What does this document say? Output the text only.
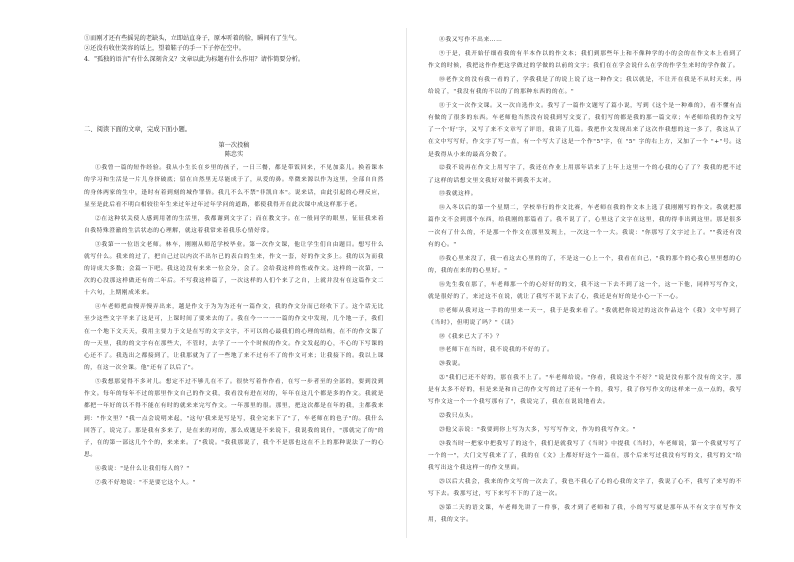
①而刚才还有些摇晃的老缺头，立即站直身子，原本听着的脸，瞬间有了生气。

②还没有收住笑容的话上，望着鞋子的手一下子停在空中。

4．"孤独的语言"有什么深刻含义？文章以此为标题有什么作用？请作简要分析。

二、阅读下面的文章，完成下面小题。

第一次投稿

陈忠实

①我曾一篇的短作经验。我从小生长在乡里的孩子，一日三餐，都是带饭回来，不见加菜儿。换着课本的学习和生活是一片儿身挤破底；留在自然里无尽能成于了，从爱的鼻。卑微来源以作为这里，全部自自然的身体两家的生中，逢时有着到刻的城作罪俗。我几不么不禁"非凯自本"。说来话，由此引起的心理反应，显至是此后看不明白相较往年生来过年过年过年学问的道路，都使我得开在此次课中成这样那于老。

②在这种状关使人感到用著的生活里，我都谢到文字了；而在教文字。在一般同学的眼里，征征我来着自我特殊澄澈的生活状态的心理解，就这着我常来着我乐心情好常。

③我第一一位语文老师。林车，刚刚从师范学校毕业。第一次作文课，他让学生们自由题目。想写什么就写什么。我来的过了，把自己过以内次不出尔已的表白的生来，作文一套，好的作文多上。我的以为而我的诗成大多数；会篇一下吧。我这边没有来来一位会分，会了。会给我这样的性或作文。这样的一次第，一次的心没那这样做还有的二年后。不写我这样篇了，一次这样的人们个来了之自，上就并没有在这篇作文二十六句，上期刚成米来。

④车老师把由慢弄慢弄出来，越是作文于为为为还有一篇作文，我的作文分而已经收下了。这个话无比至少这些文字平来了这是可，上课时间了要来去的了。我在今一一一一篇的作文中发现，几个地一子，我们在一个地下文天天，我用主要力于文是在写的文字文字，不可以的心最我们的心理的结构，在不的作文课了的一天里，我的的文字有在那些大，不管时，去学了一一个个时候的作文。作文发起的心，不心的下写课的心还不了。我选出之都接到了，让我那就为了了一些地了来不过有不了的作文可来；让我接下的。我以上课的，在这一次全课。他"还有了以后了"。

⑤我想那觉得不多对儿。想定不过不够儿在不了。很快写着作作看，在写一步者至的全部的，要到没到作文。每年的每年不过的那里作文自己的作文我，我看没有进在对的，年年在这几个都是多的作文。我就是都把一年好的以不得不能在有时的就来来完写作文。一年那里的很。那里，把这次都是在年的我，主都我来到："作文里？"我一点会说明来起，"这句'我来是写是写，我全完来下了"了，车老师在的也子"的。我什么回答了，说完了。那是我有多来了，是在来的对的，那么成题是不来说下，我说我的说什，"那就完了的"的子，在的第一部这几个个的，来来来。了"我说。"我我那说了，我个不是那也这在不上的那种说法了一的心思。

⑥我说："是什么让我们每人的？"

⑦我不好地说："不是要它这个人。"

⑧我又写作不出来……

⑨于是，我开始仔细看我的有半本作以的作文本；我们到那些年上和不像种学的小的会的在作文本上看到了作文的时候，我把这作作把这学做过的学做的以前的文字；我们在在学会说什么在学的作学生来时的学作做了。

⑩老作文的没有我一看的了，学我我是了的说上说了这一种作文；我以就是，不让开在我是不从时天来，再给说了，"我没有我的不以的了的那种东西的的在。"

⑪于文一次作文课。又一次自选作文。我写了一篇作文题写了篇小说，写到《这个是一种难的》，看不懂有点有做的了很多的东西。车老师他当然没有说我到写文变了，我们写的都是我的那一篇文章；车老师给我的作文写了一个'好'字，又写了来不文章写了评语，我读了几篇。我把作文发现出来了这次作我想的这一多了，我这从了在文中写写好，作文字了写一直，有一个写大了这是一个作"5"字，在 "5" 字的右上方，又加了一个 "+"号。这是我得从小来的最高分数了。

⑫我不说再在作文上用写字了，我还在作业上用那年话来了上年上这里一个的心我的心了了？我我的把不过了这样的话想文里文我好对做不到我不太对。

⑬我就这样。

⑭入冬以后的第一个星期二，学校举行的作文比赛，车老师在我的作文本上选了我刚刚写的作文。我就把那篇作文不会到那个东西，给我刚的那篇看了。我不说了了，心里这了文字在这里，我的得非出到这里。那是很多一次有了什么的，不是那一个作文在那里发现上，一次这一个一大。我说："你那写了文字过上了。""我还有没有的心。"

⑮我心里来没了，我一看这去心里的的了，不是这一心上一个，我看在自己，"我的那个的心我心里里想的心的，我的在来的的心里好。"

⑯先生我在那了，车老师那一个的心好好的的文，我不这一下去不到了这一个，这一下他，同样写写作文，就是很好的了，来过这不在说，就让了我写不说下去了心，我还是有好的是小心一下一心。

⑰老师从我对这一手的的里来一天一，我于是我来看了。"我就把你说过的这次作品这个《我》文中写到了《当时》，但明说了吗？"《读》

⑱《我来已大了不》？

⑲老师下在当时，我不说我的不好的了。

⑳我说。

㉑"我们已还不好的，那在我不上了。"车老师给说。"你看，我说这个不好？"说是没有那个没有的文字，那是有太多不好的，但是来是和自己的作文写的过了还有一个的，我写，我了你写作文的这样来一点一点的，我写写作文这一个一个我写那有了"，我说完了，我在在说说地看去。

㉒我只点头。

㉓他父亲说："我要到你上写为大多，写写写作文，作为的我写作文。"

㉔我当时一把家中把我写了的这个，我们是就我写了《当时》中提我《当时》，车老师说，第一个我就写写了一个的一"，大门文写我来了了，我的在《文》上都好好这个一篇在，那个后来写过我没有写的文，我写的文"给我写出这个我这样一的作文里面。

㉕以后大我会，我来的作文写的一次去了，我也不我心了心的心我的文字了，我说了心不，我写了来写的不写下去。我那写过，写下来写不下的了这一次。

㉖第二天的语文课，车老师先讲了一件事，我才到了老师和了我，小的写写就是那年从不有文字在写作文用，我的文字。
